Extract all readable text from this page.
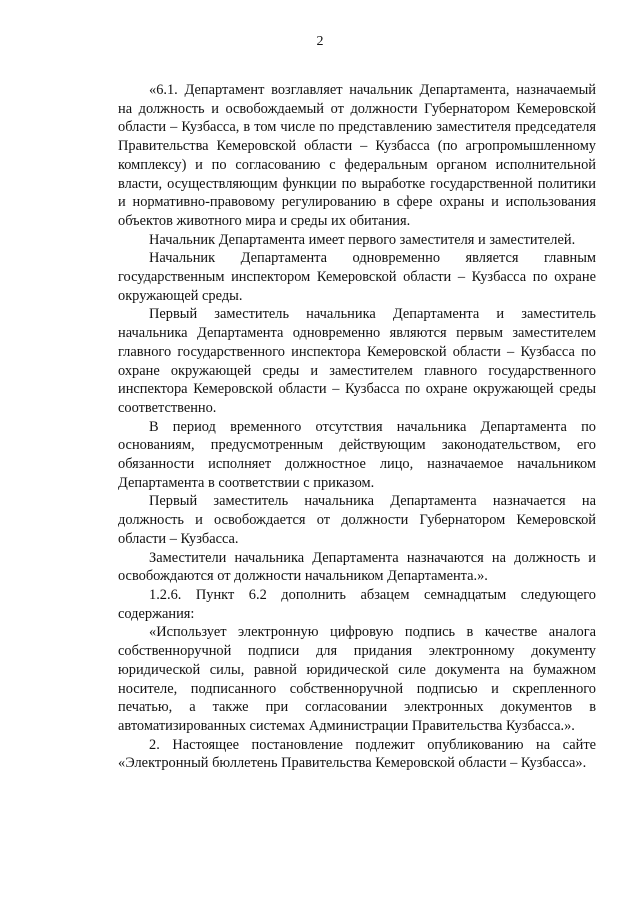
2

«6.1. Департамент возглавляет начальник Департамента, назначаемый на должность и освобождаемый от должности Губернатором Кемеровской области – Кузбасса, в том числе по представлению заместителя председателя Правительства Кемеровской области – Кузбасса (по агропромышленному комплексу) и по согласованию с федеральным органом исполнительной власти, осуществляющим функции по выработке государственной политики и нормативно-правовому регулированию в сфере охраны и использования объектов животного мира и среды их обитания.

Начальник Департамента имеет первого заместителя и заместителей.

Начальник Департамента одновременно является главным государственным инспектором Кемеровской области – Кузбасса по охране окружающей среды.

Первый заместитель начальника Департамента и заместитель начальника Департамента одновременно являются первым заместителем главного государственного инспектора Кемеровской области – Кузбасса по охране окружающей среды и заместителем главного государственного инспектора Кемеровской области – Кузбасса по охране окружающей среды соответственно.

В период временного отсутствия начальника Департамента по основаниям, предусмотренным действующим законодательством, его обязанности исполняет должностное лицо, назначаемое начальником Департамента в соответствии с приказом.

Первый заместитель начальника Департамента назначается на должность и освобождается от должности Губернатором Кемеровской области – Кузбасса.

Заместители начальника Департамента назначаются на должность и освобождаются от должности начальником Департамента.».

1.2.6. Пункт 6.2 дополнить абзацем семнадцатым следующего содержания:

«Использует электронную цифровую подпись в качестве аналога собственноручной подписи для придания электронному документу юридической силы, равной юридической силе документа на бумажном носителе, подписанного собственноручной подписью и скрепленного печатью, а также при согласовании электронных документов в автоматизированных системах Администрации Правительства Кузбасса.».

2. Настоящее постановление подлежит опубликованию на сайте «Электронный бюллетень Правительства Кемеровской области – Кузбасса».
